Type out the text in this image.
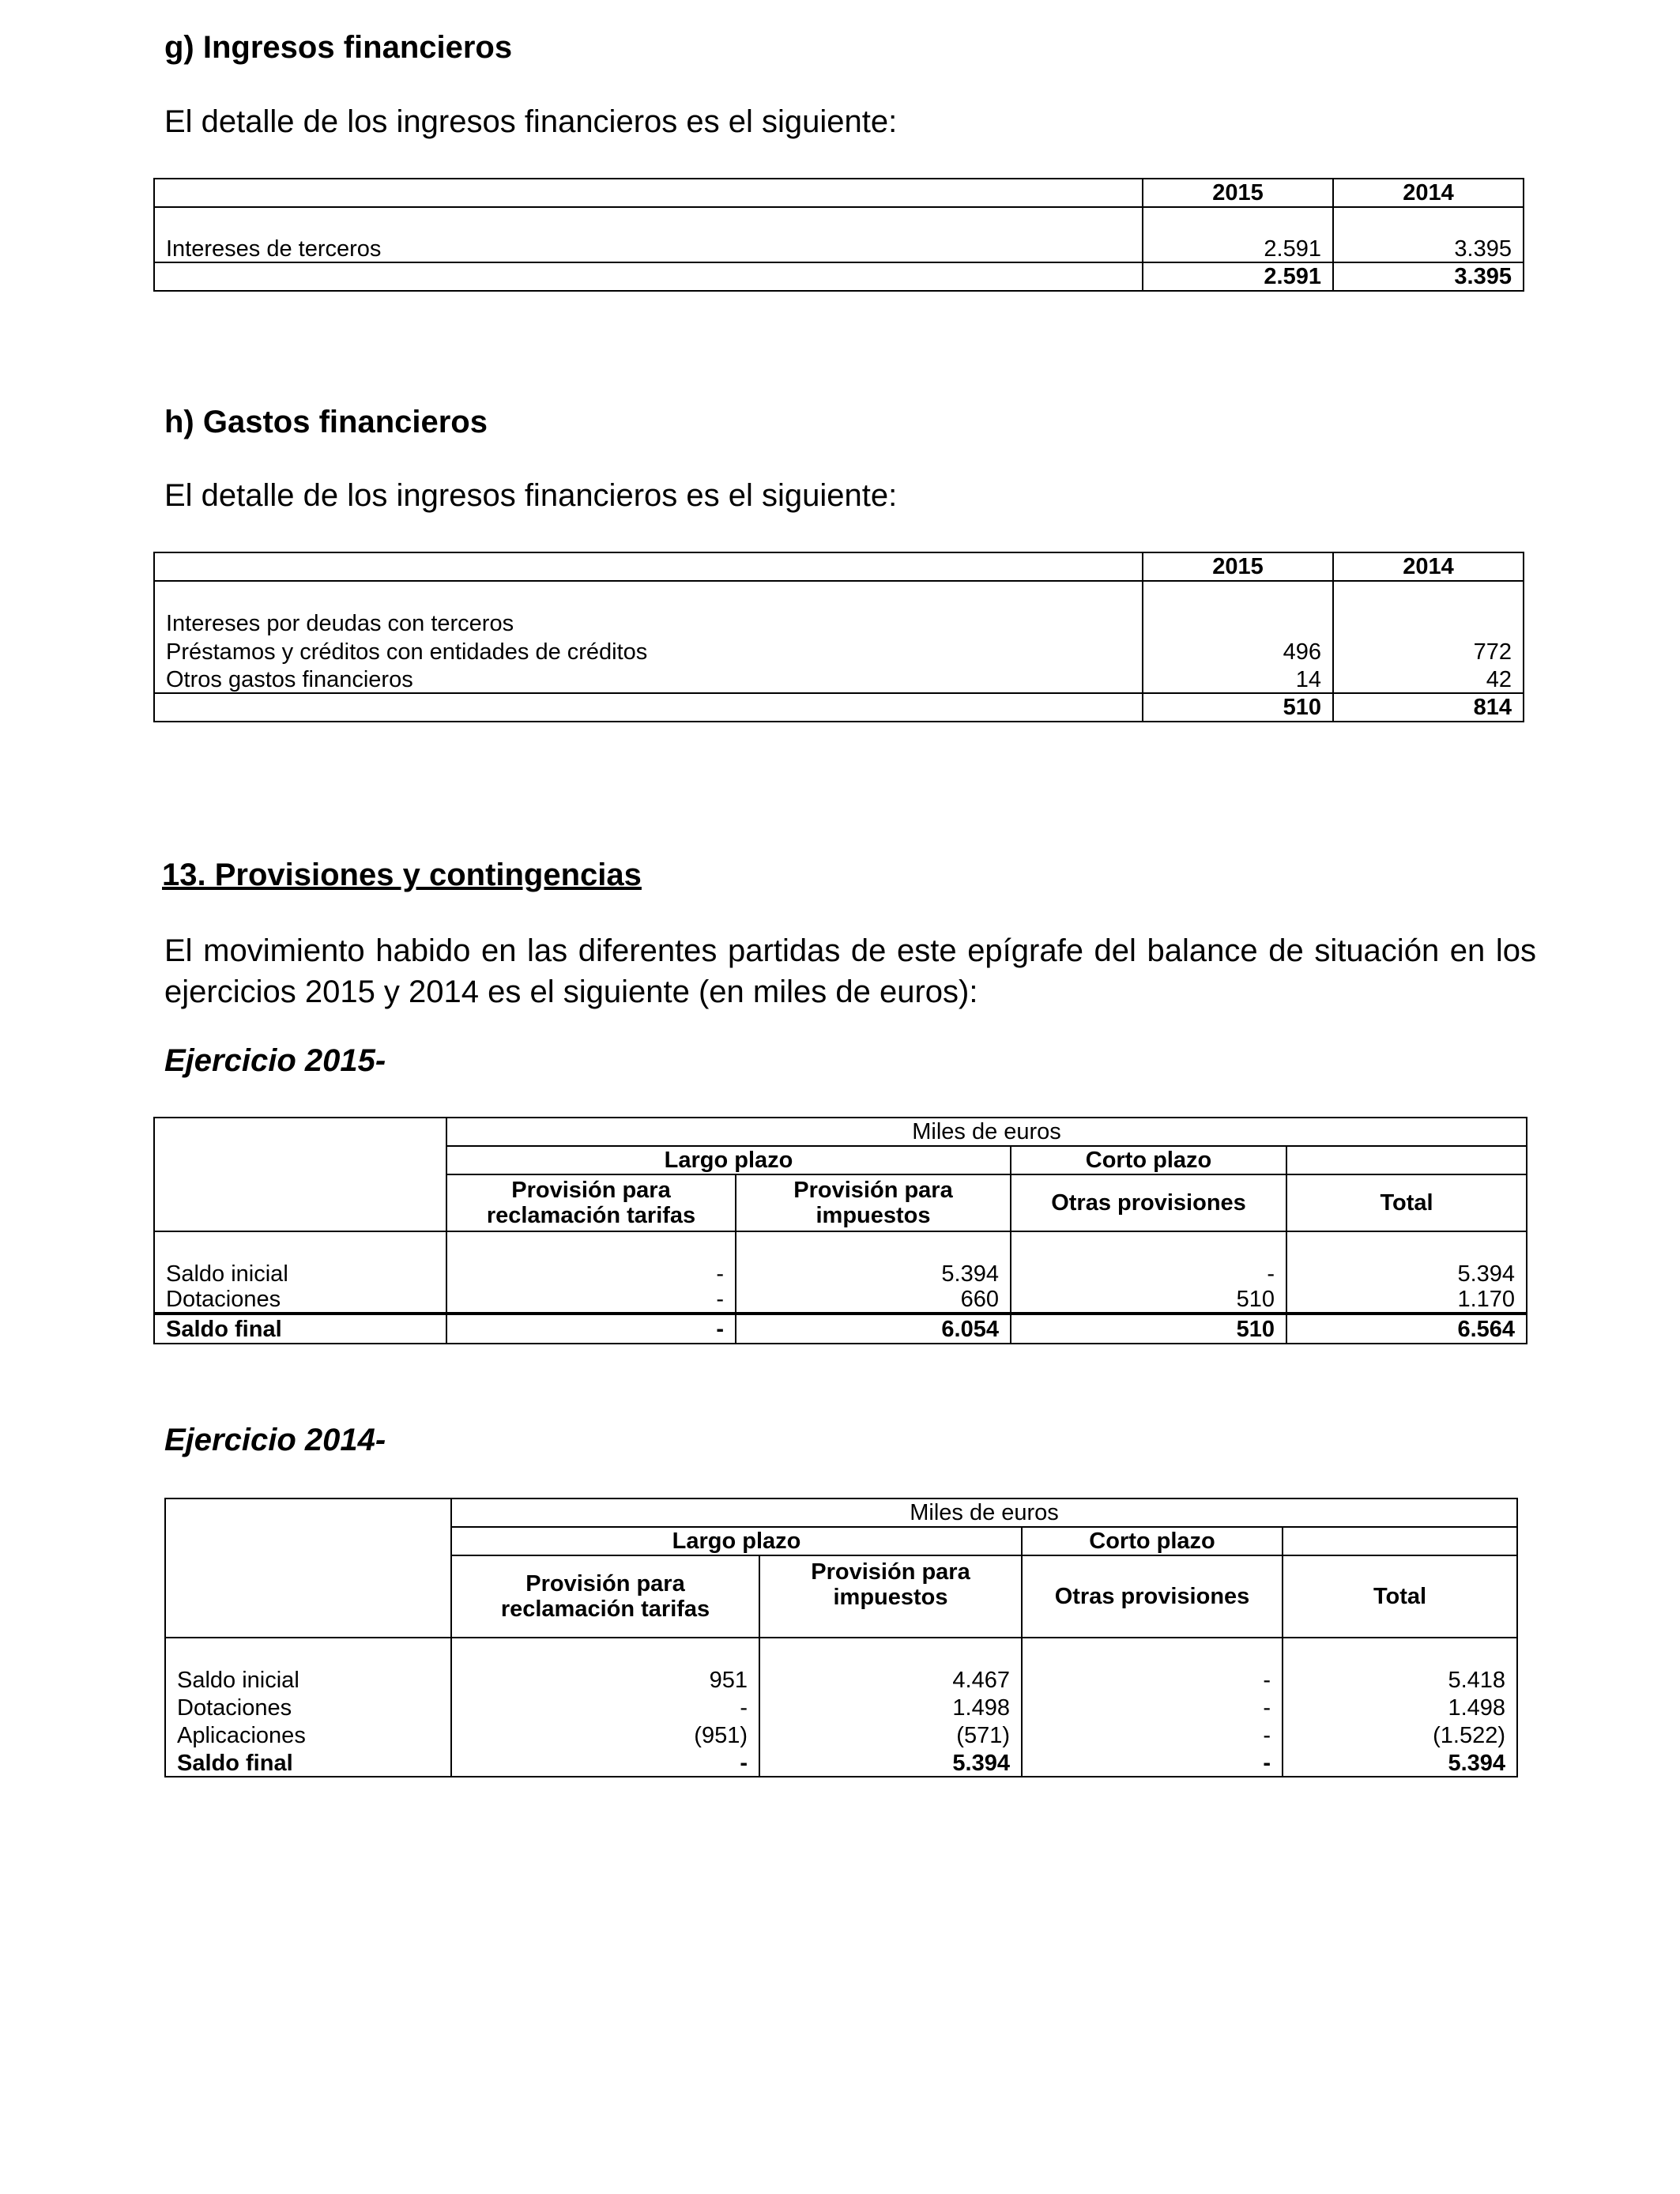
g) Ingresos financieros
El detalle de los ingresos financieros es el siguiente:
	2015	2014
Intereses de terceros	2.591	3.395
	2.591	3.395
h) Gastos financieros
El detalle de los ingresos financieros es el siguiente:
	2015	2014
Intereses por deudas con terceros		
Préstamos y créditos con entidades de créditos	496	772
Otros gastos financieros	14	42
	510	814
13. Provisiones y contingencias
El movimiento habido en las diferentes partidas de este epígrafe del balance de situación en los ejercicios 2015 y 2014 es el siguiente (en miles de euros):
Ejercicio 2015-
	Miles de euros			
	Largo plazo		Corto plazo	
	Provisión para reclamación tarifas	Provisión para impuestos	Otras provisiones	Total
Saldo inicial	-	5.394	-	5.394
Dotaciones	-	660	510	1.170
Saldo final	-	6.054	510	6.564
Ejercicio 2014-
	Miles de euros			
	Largo plazo		Corto plazo	
	Provisión para reclamación tarifas	Provisión para impuestos	Otras provisiones	Total
Saldo inicial	951	4.467	-	5.418
Dotaciones	-	1.498	-	1.498
Aplicaciones	(951)	(571)	-	(1.522)
Saldo final	-	5.394	-	5.394
